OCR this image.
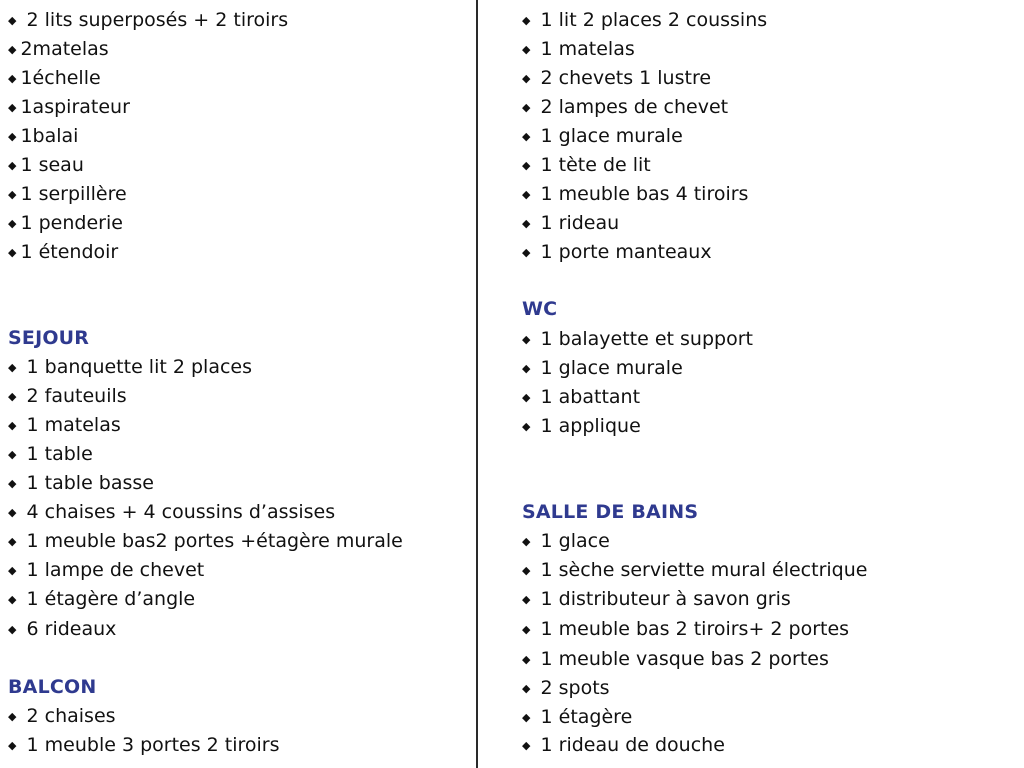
◆ 2 lits superposés + 2 tiroirs
◆ 2matelas
◆ 1échelle
◆ 1aspirateur
◆ 1balai
◆ 1 seau
◆ 1 serpillère
◆ 1 penderie
◆ 1 étendoir
SEJOUR
◆ 1 banquette lit 2 places
◆ 2 fauteuils
◆ 1 matelas
◆ 1 table
◆ 1 table basse
◆ 4 chaises + 4 coussins d’assises
◆ 1 meuble bas2 portes +étagère murale
◆ 1 lampe de chevet
◆ 1 étagère d’angle
◆ 6 rideaux
BALCON
◆ 2 chaises
◆ 1 meuble 3 portes 2 tiroirs
◆ 1 lit 2 places 2 coussins
◆ 1 matelas
◆ 2 chevets 1 lustre
◆ 2 lampes de chevet
◆ 1 glace murale
◆ 1 tète de lit
◆ 1 meuble bas 4 tiroirs
◆ 1 rideau
◆ 1 porte manteaux
WC
◆ 1 balayette et support
◆ 1 glace murale
◆ 1 abattant
◆ 1 applique
SALLE DE BAINS
◆ 1 glace
◆ 1 sèche serviette mural électrique
◆ 1 distributeur à savon gris
◆ 1 meuble bas 2 tiroirs+ 2 portes
◆ 1 meuble vasque bas 2 portes
◆ 2 spots
◆ 1 étagère
◆ 1 rideau de douche
